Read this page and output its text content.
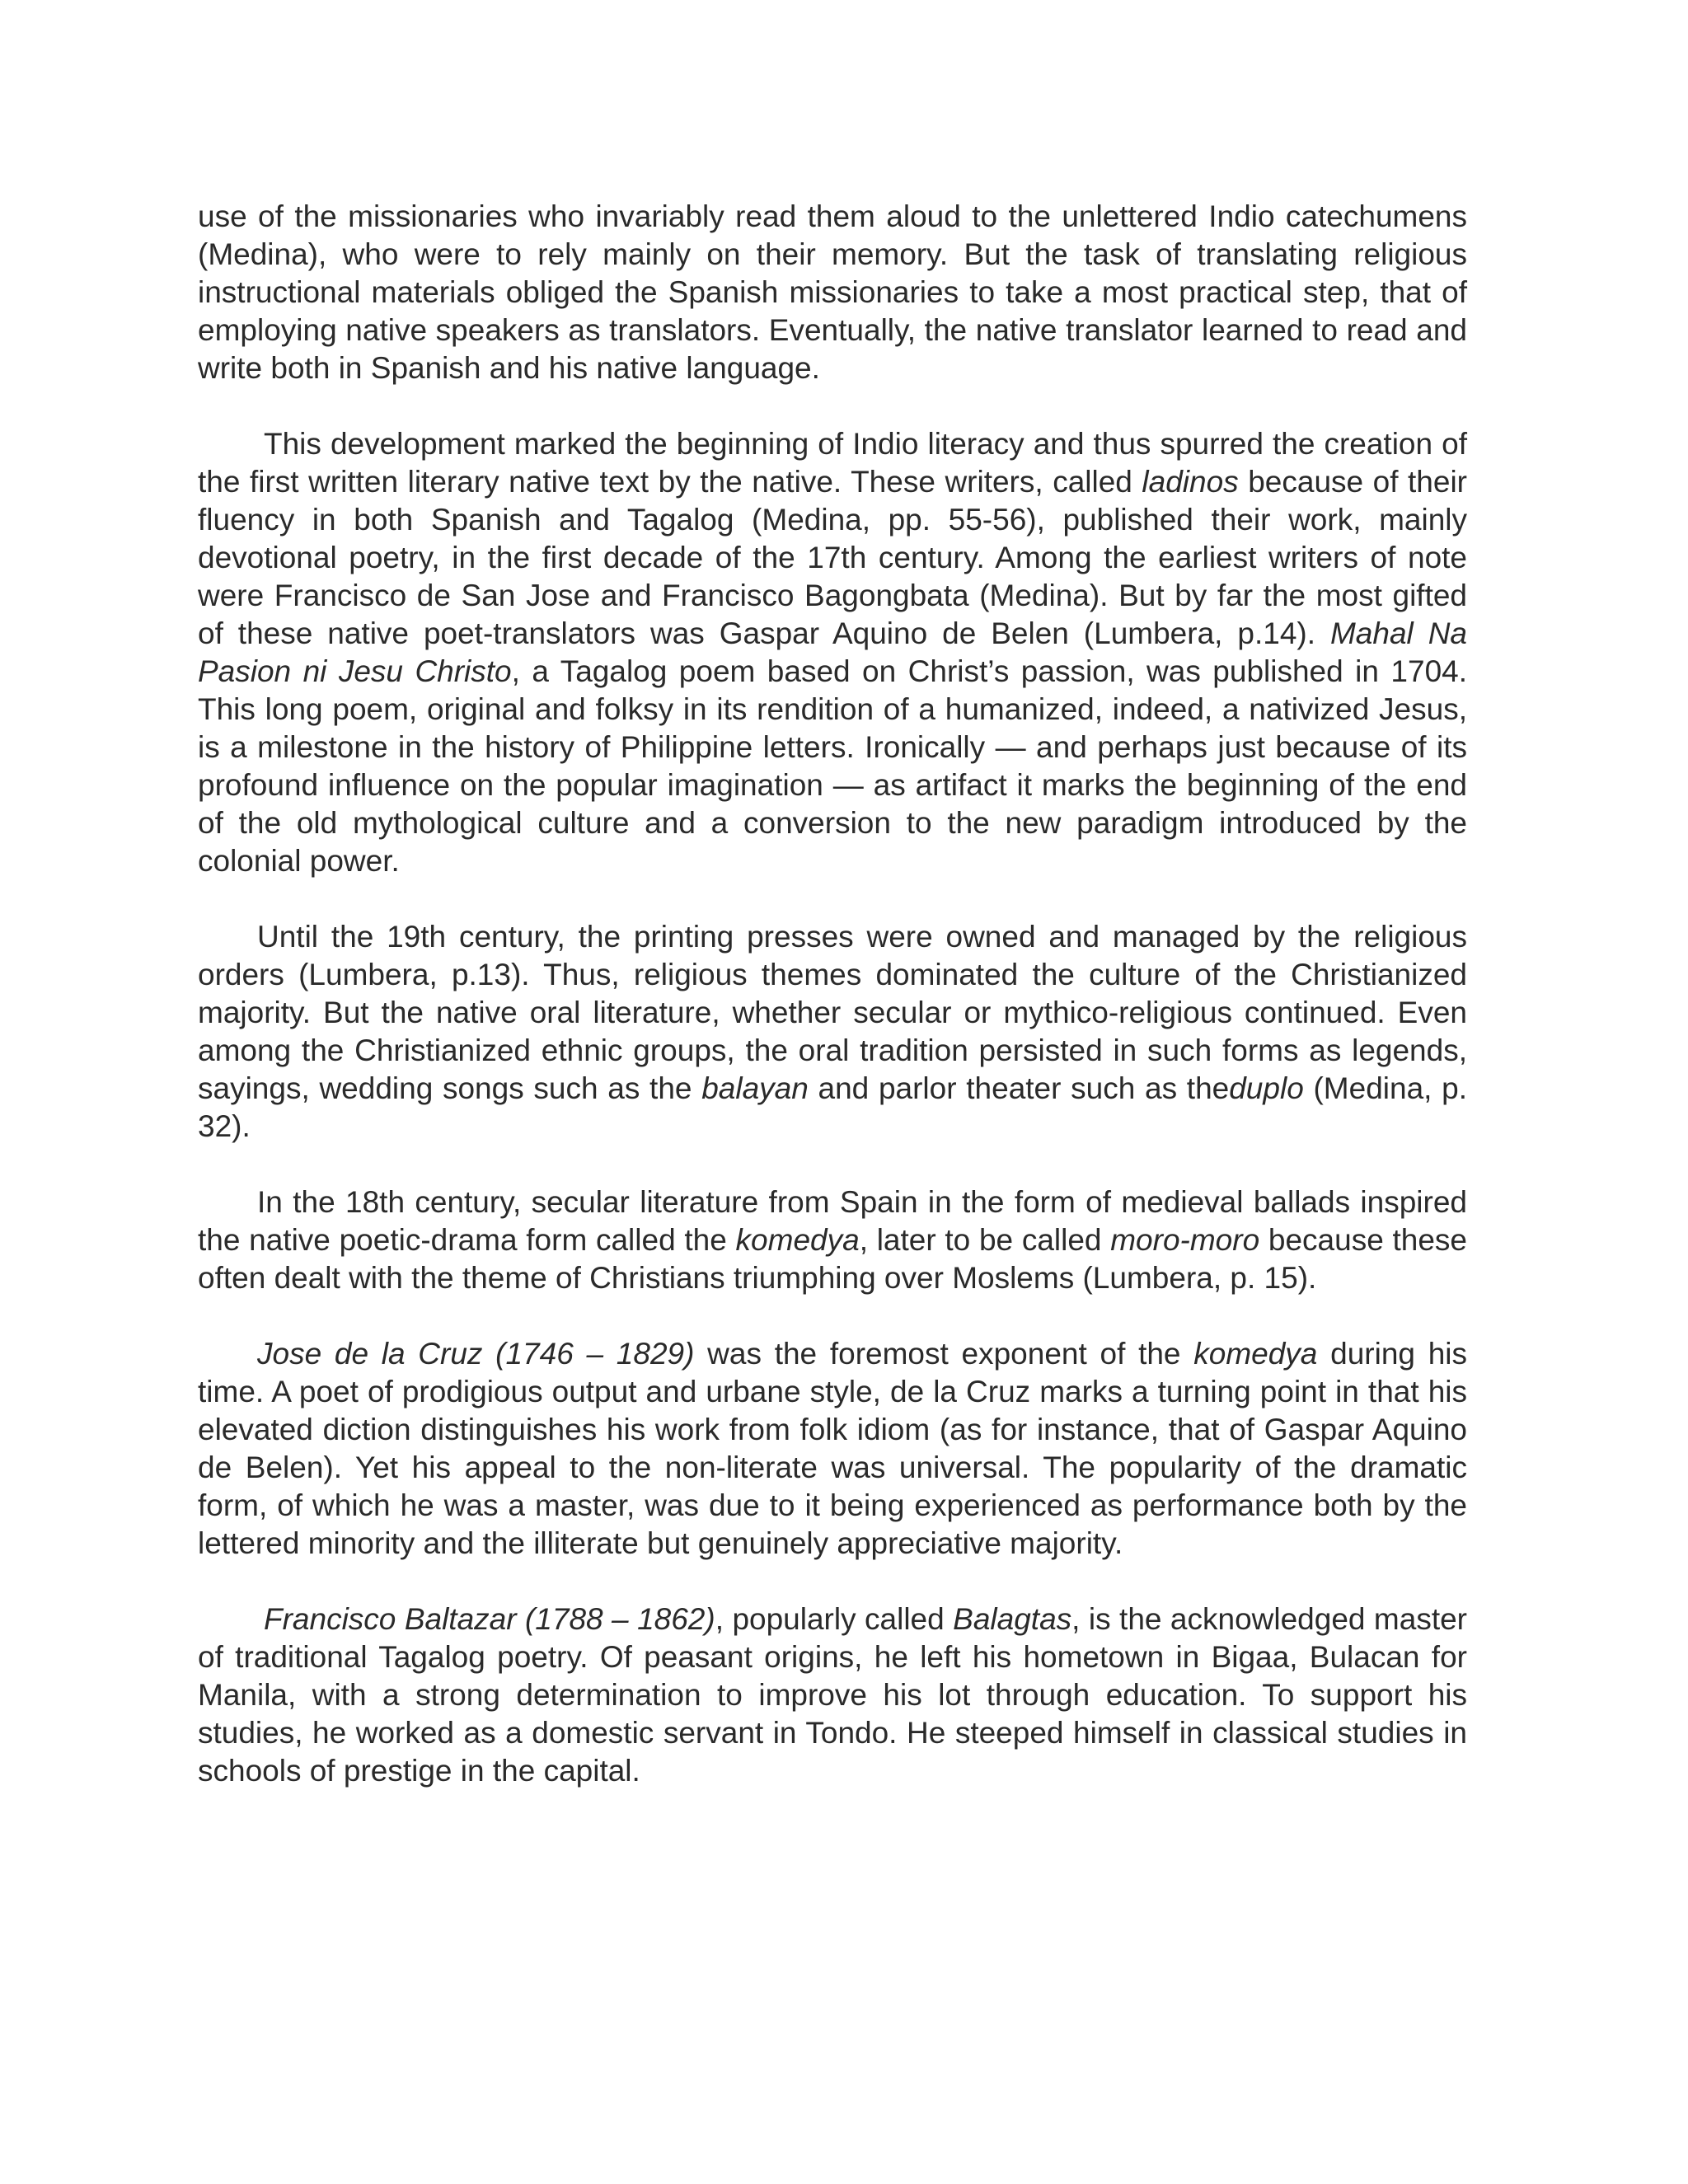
use of the missionaries who invariably read them aloud to the unlettered Indio catechumens (Medina), who were to rely mainly on their memory. But the task of translating religious instructional materials obliged the Spanish missionaries to take a most practical step, that of employing native speakers as translators. Eventually, the native translator learned to read and write both in Spanish and his native language.

This development marked the beginning of Indio literacy and thus spurred the creation of the first written literary native text by the native. These writers, called ladinos because of their fluency in both Spanish and Tagalog (Medina, pp. 55-56), published their work, mainly devotional poetry, in the first decade of the 17th century. Among the earliest writers of note were Francisco de San Jose and Francisco Bagongbata (Medina). But by far the most gifted of these native poet-translators was Gaspar Aquino de Belen (Lumbera, p.14). Mahal Na Pasion ni Jesu Christo, a Tagalog poem based on Christ’s passion, was published in 1704. This long poem, original and folksy in its rendition of a humanized, indeed, a nativized Jesus, is a milestone in the history of Philippine letters. Ironically — and perhaps just because of its profound influence on the popular imagination — as artifact it marks the beginning of the end of the old mythological culture and a conversion to the new paradigm introduced by the colonial power.

Until the 19th century, the printing presses were owned and managed by the religious orders (Lumbera, p.13). Thus, religious themes dominated the culture of the Christianized majority. But the native oral literature, whether secular or mythico-religious continued. Even among the Christianized ethnic groups, the oral tradition persisted in such forms as legends, sayings, wedding songs such as the balayan and parlor theater such as theduplo (Medina, p. 32).

In the 18th century, secular literature from Spain in the form of medieval ballads inspired the native poetic-drama form called the komedya, later to be called moro-moro because these often dealt with the theme of Christians triumphing over Moslems (Lumbera, p. 15).

Jose de la Cruz (1746 – 1829) was the foremost exponent of the komedya during his time. A poet of prodigious output and urbane style, de la Cruz marks a turning point in that his elevated diction distinguishes his work from folk idiom (as for instance, that of Gaspar Aquino de Belen). Yet his appeal to the non-literate was universal. The popularity of the dramatic form, of which he was a master, was due to it being experienced as performance both by the lettered minority and the illiterate but genuinely appreciative majority.

Francisco Baltazar (1788 – 1862), popularly called Balagtas, is the acknowledged master of traditional Tagalog poetry. Of peasant origins, he left his hometown in Bigaa, Bulacan for Manila, with a strong determination to improve his lot through education. To support his studies, he worked as a domestic servant in Tondo. He steeped himself in classical studies in schools of prestige in the capital.
